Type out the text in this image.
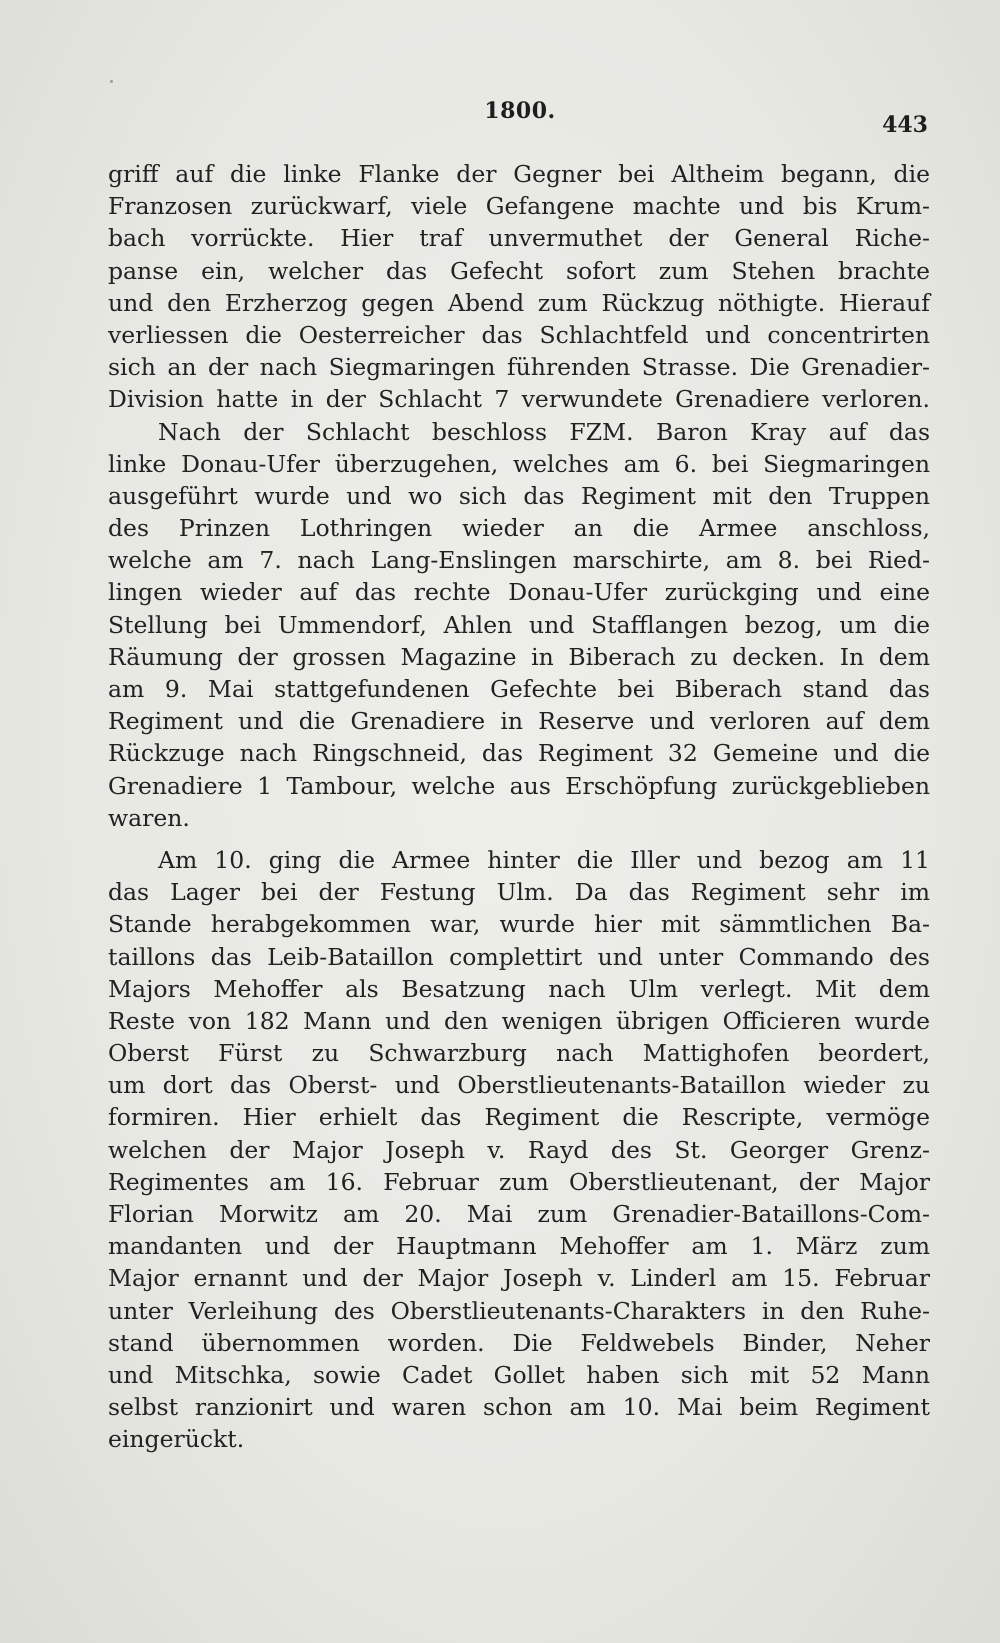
1800.
443
griff auf die linke Flanke der Gegner bei Altheim begann, die
Franzosen zurückwarf, viele Gefangene machte und bis Krum-
bach vorrückte. Hier traf unvermuthet der General Riche-
panse ein, welcher das Gefecht sofort zum Stehen brachte
und den Erzherzog gegen Abend zum Rückzug nöthigte. Hierauf
verliessen die Oesterreicher das Schlachtfeld und concentrirten
sich an der nach Siegmaringen führenden Strasse. Die Grenadier-
Division hatte in der Schlacht 7 verwundete Grenadiere verloren.
Nach der Schlacht beschloss FZM. Baron Kray auf das
linke Donau-Ufer überzugehen, welches am 6. bei Siegmaringen
ausgeführt wurde und wo sich das Regiment mit den Truppen
des Prinzen Lothringen wieder an die Armee anschloss,
welche am 7. nach Lang-Enslingen marschirte, am 8. bei Ried-
lingen wieder auf das rechte Donau-Ufer zurückging und eine
Stellung bei Ummendorf, Ahlen und Stafflangen bezog, um die
Räumung der grossen Magazine in Biberach zu decken. In dem
am 9. Mai stattgefundenen Gefechte bei Biberach stand das
Regiment und die Grenadiere in Reserve und verloren auf dem
Rückzuge nach Ringschneid, das Regiment 32 Gemeine und die
Grenadiere 1 Tambour, welche aus Erschöpfung zurückgeblieben
waren.
Am 10. ging die Armee hinter die Iller und bezog am 11
das Lager bei der Festung Ulm. Da das Regiment sehr im
Stande herabgekommen war, wurde hier mit sämmtlichen Ba-
taillons das Leib-Bataillon complettirt und unter Commando des
Majors Mehoffer als Besatzung nach Ulm verlegt. Mit dem
Reste von 182 Mann und den wenigen übrigen Officieren wurde
Oberst Fürst zu Schwarzburg nach Mattighofen beordert,
um dort das Oberst- und Oberstlieutenants-Bataillon wieder zu
formiren. Hier erhielt das Regiment die Rescripte, vermöge
welchen der Major Joseph v. Rayd des St. Georger Grenz-
Regimentes am 16. Februar zum Oberstlieutenant, der Major
Florian Morwitz am 20. Mai zum Grenadier-Bataillons-Com-
mandanten und der Hauptmann Mehoffer am 1. März zum
Major ernannt und der Major Joseph v. Linderl am 15. Februar
unter Verleihung des Oberstlieutenants-Charakters in den Ruhe-
stand übernommen worden. Die Feldwebels Binder, Neher
und Mitschka, sowie Cadet Gollet haben sich mit 52 Mann
selbst ranzionirt und waren schon am 10. Mai beim Regiment
eingerückt.
